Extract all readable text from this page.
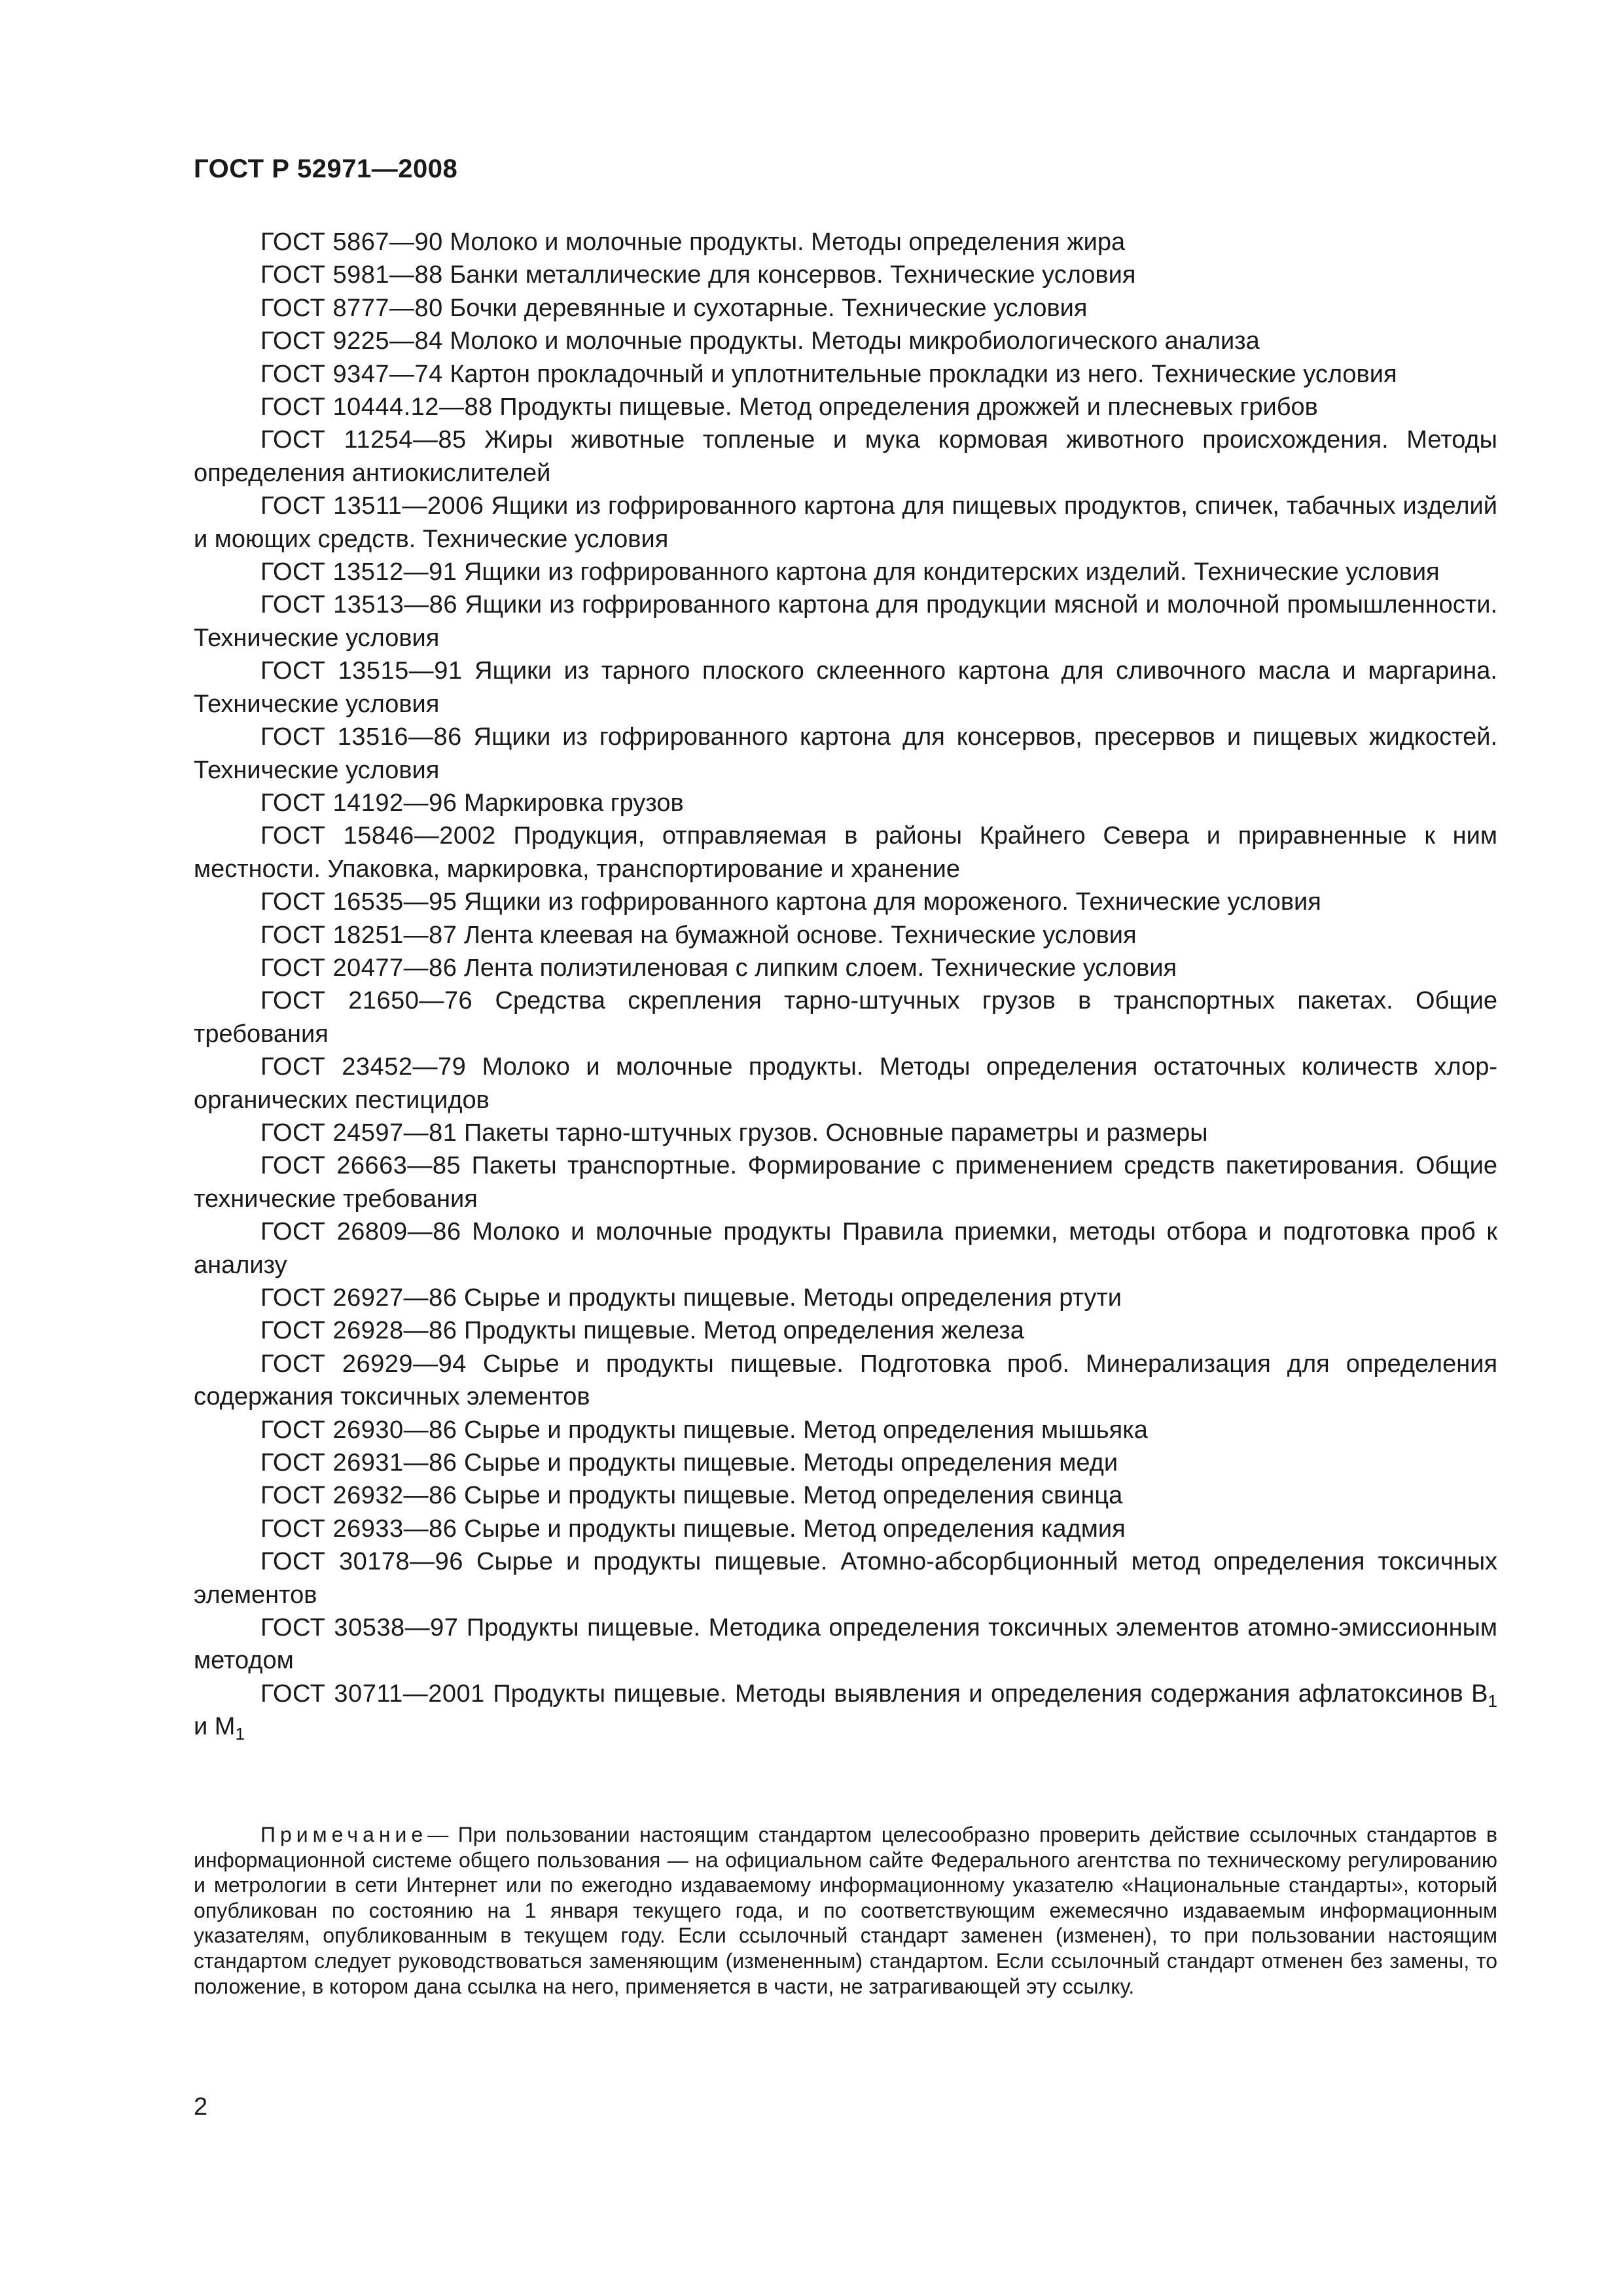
ГОСТ Р 52971—2008

ГОСТ 5867—90 Молоко и молочные продукты. Методы определения жира

ГОСТ 5981—88 Банки металлические для консервов. Технические условия

ГОСТ 8777—80 Бочки деревянные и сухотарные. Технические условия

ГОСТ 9225—84 Молоко и молочные продукты. Методы микробиологического анализа

ГОСТ 9347—74 Картон прокладочный и уплотнительные прокладки из него. Технические условия

ГОСТ 10444.12—88 Продукты пищевые. Метод определения дрожжей и плесневых грибов

ГОСТ 11254—85 Жиры животные топленые и мука кормовая животного происхождения. Методы определения антиокислителей

ГОСТ 13511—2006 Ящики из гофрированного картона для пищевых продуктов, спичек, табачных изделий и моющих средств. Технические условия

ГОСТ 13512—91 Ящики из гофрированного картона для кондитерских изделий. Технические условия

ГОСТ 13513—86 Ящики из гофрированного картона для продукции мясной и молочной промышленности. Технические условия

ГОСТ 13515—91 Ящики из тарного плоского склеенного картона для сливочного масла и маргарина. Технические условия

ГОСТ 13516—86 Ящики из гофрированного картона для консервов, пресервов и пищевых жидкостей. Технические условия

ГОСТ 14192—96 Маркировка грузов

ГОСТ 15846—2002 Продукция, отправляемая в районы Крайнего Севера и приравненные к ним местности. Упаковка, маркировка, транспортирование и хранение

ГОСТ 16535—95 Ящики из гофрированного картона для мороженого. Технические условия

ГОСТ 18251—87 Лента клеевая на бумажной основе. Технические условия

ГОСТ 20477—86 Лента полиэтиленовая с липким слоем. Технические условия

ГОСТ 21650—76 Средства скрепления тарно-штучных грузов в транспортных пакетах. Общие требования

ГОСТ 23452—79 Молоко и молочные продукты. Методы определения остаточных количеств хлорорганических пестицидов

ГОСТ 24597—81 Пакеты тарно-штучных грузов. Основные параметры и размеры

ГОСТ 26663—85 Пакеты транспортные. Формирование с применением средств пакетирования. Общие технические требования

ГОСТ 26809—86 Молоко и молочные продукты Правила приемки, методы отбора и подготовка проб к анализу

ГОСТ 26927—86 Сырье и продукты пищевые. Методы определения ртути

ГОСТ 26928—86 Продукты пищевые. Метод определения железа

ГОСТ 26929—94 Сырье и продукты пищевые. Подготовка проб. Минерализация для определения содержания токсичных элементов

ГОСТ 26930—86 Сырье и продукты пищевые. Метод определения мышьяка

ГОСТ 26931—86 Сырье и продукты пищевые. Методы определения меди

ГОСТ 26932—86 Сырье и продукты пищевые. Метод определения свинца

ГОСТ 26933—86 Сырье и продукты пищевые. Метод определения кадмия

ГОСТ 30178—96 Сырье и продукты пищевые. Атомно-абсорбционный метод определения токсичных элементов

ГОСТ 30538—97 Продукты пищевые. Методика определения токсичных элементов атомно-эмиссионным методом

ГОСТ 30711—2001 Продукты пищевые. Методы выявления и определения содержания афлатоксинов $B_1$ и $M_1$

Примечание— При пользовании настоящим стандартом целесообразно проверить действие ссылочных стандартов в информационной системе общего пользования — на официальном сайте Федерального агентства по техническому регулированию и метрологии в сети Интернет или по ежегодно издаваемому информационному указателю «Национальные стандарты», который опубликован по состоянию на 1 января текущего года, и по соответствующим ежемесячно издаваемым информационным указателям, опубликованным в текущем году. Если ссылочный стандарт заменен (изменен), то при пользовании настоящим стандартом следует руководствоваться заменяющим (измененным) стандартом. Если ссылочный стандарт отменен без замены, то положение, в котором дана ссылка на него, применяется в части, не затрагивающей эту ссылку.

2
